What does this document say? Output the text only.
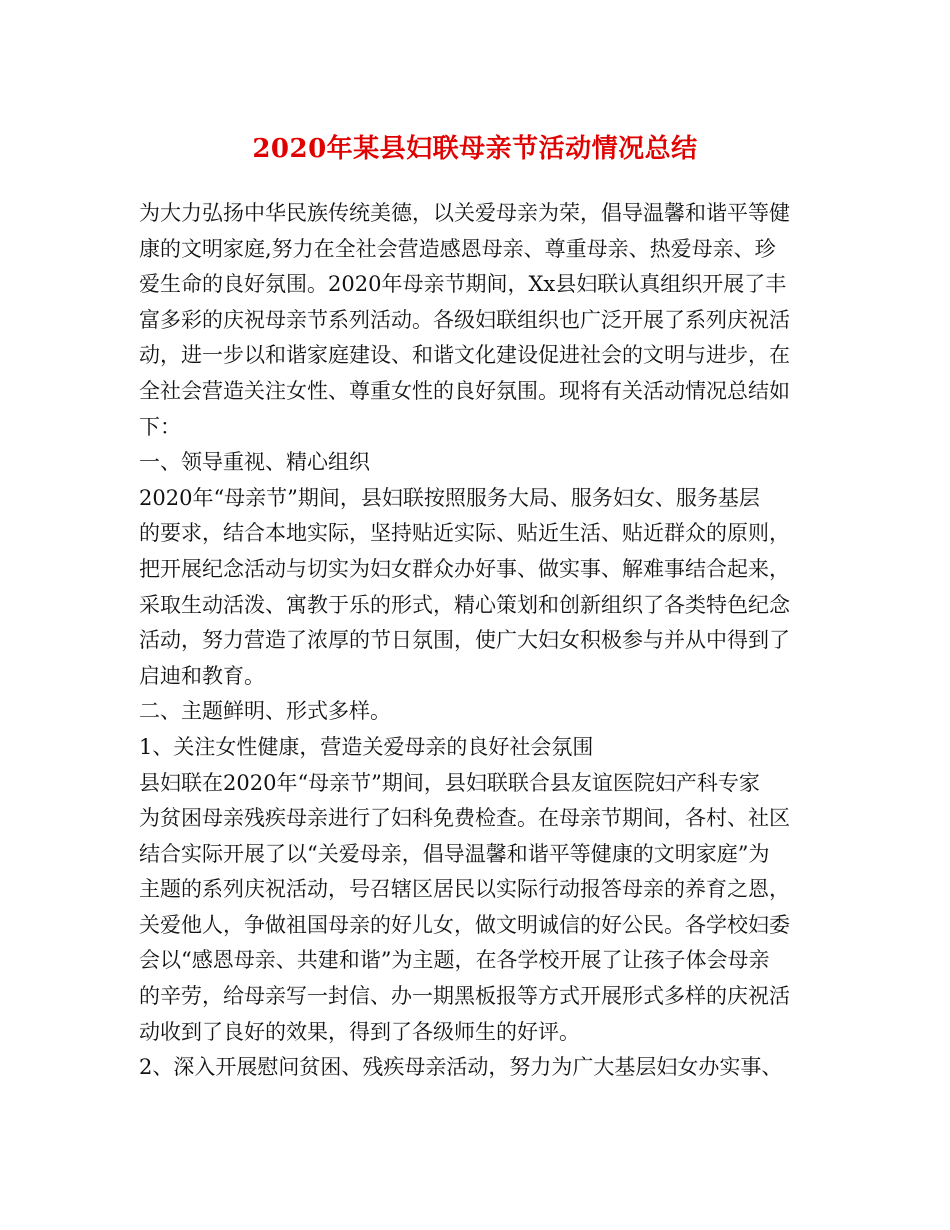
2020年某县妇联母亲节活动情况总结
为大力弘扬中华民族传统美德，以关爱母亲为荣，倡导温馨和谐平等健
康的文明家庭,努力在全社会营造感恩母亲、尊重母亲、热爱母亲、珍
爱生命的良好氛围。2020年母亲节期间，Xx县妇联认真组织开展了丰
富多彩的庆祝母亲节系列活动。各级妇联组织也广泛开展了系列庆祝活
动，进一步以和谐家庭建设、和谐文化建设促进社会的文明与进步，在
全社会营造关注女性、尊重女性的良好氛围。现将有关活动情况总结如
下：
一、领导重视、精心组织
2020年“母亲节”期间，县妇联按照服务大局、服务妇女、服务基层
的要求，结合本地实际，坚持贴近实际、贴近生活、贴近群众的原则，
把开展纪念活动与切实为妇女群众办好事、做实事、解难事结合起来，
采取生动活泼、寓教于乐的形式，精心策划和创新组织了各类特色纪念
活动，努力营造了浓厚的节日氛围，使广大妇女积极参与并从中得到了
启迪和教育。
二、主题鲜明、形式多样。
1、关注女性健康，营造关爱母亲的良好社会氛围
县妇联在2020年“母亲节”期间，县妇联联合县友谊医院妇产科专家
为贫困母亲残疾母亲进行了妇科免费检查。在母亲节期间，各村、社区
结合实际开展了以“关爱母亲，倡导温馨和谐平等健康的文明家庭”为
主题的系列庆祝活动，号召辖区居民以实际行动报答母亲的养育之恩，
关爱他人，争做祖国母亲的好儿女，做文明诚信的好公民。各学校妇委
会以“感恩母亲、共建和谐”为主题，在各学校开展了让孩子体会母亲
的辛劳，给母亲写一封信、办一期黑板报等方式开展形式多样的庆祝活
动收到了良好的效果，得到了各级师生的好评。
2、深入开展慰问贫困、残疾母亲活动，努力为广大基层妇女办实事、
